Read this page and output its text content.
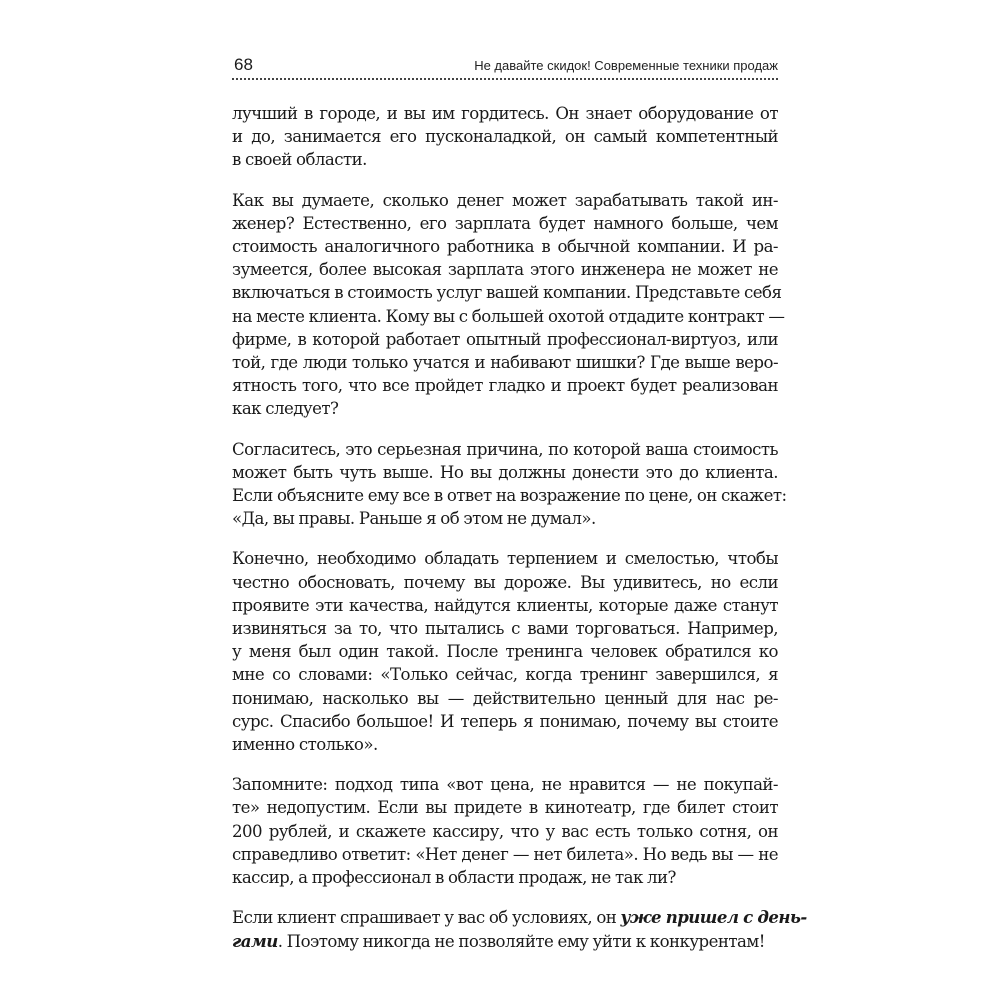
68	Не давайте скидок! Современные техники продаж

лучший в городе, и вы им гордитесь. Он знает оборудование от
и до, занимается его пусконаладкой, он самый компетентный
в своей области.

Как вы думаете, сколько денег может зарабатывать такой ин-
женер? Естественно, его зарплата будет намного больше, чем
стоимость аналогичного работника в обычной компании. И ра-
зумеется, более высокая зарплата этого инженера не может не
включаться в стоимость услуг вашей компании. Представьте себя
на месте клиента. Кому вы с большей охотой отдадите контракт —
фирме, в которой работает опытный профессионал-виртуоз, или
той, где люди только учатся и набивают шишки? Где выше веро-
ятность того, что все пройдет гладко и проект будет реализован
как следует?

Согласитесь, это серьезная причина, по которой ваша стоимость
может быть чуть выше. Но вы должны донести это до клиента.
Если объясните ему все в ответ на возражение по цене, он скажет:
«Да, вы правы. Раньше я об этом не думал».

Конечно, необходимо обладать терпением и смелостью, чтобы
честно обосновать, почему вы дороже. Вы удивитесь, но если
проявите эти качества, найдутся клиенты, которые даже станут
извиняться за то, что пытались с вами торговаться. Например,
у меня был один такой. После тренинга человек обратился ко
мне со словами: «Только сейчас, когда тренинг завершился, я
понимаю, насколько вы — действительно ценный для нас ре-
сурс. Спасибо большое! И теперь я понимаю, почему вы стоите
именно столько».

Запомните: подход типа «вот цена, не нравится — не покупай-
те» недопустим. Если вы придете в кинотеатр, где билет стоит
200 рублей, и скажете кассиру, что у вас есть только сотня, он
справедливо ответит: «Нет денег — нет билета». Но ведь вы — не
кассир, а профессионал в области продаж, не так ли?

Если клиент спрашивает у вас об условиях, он уже пришел с день-
гами. Поэтому никогда не позволяйте ему уйти к конкурентам!
